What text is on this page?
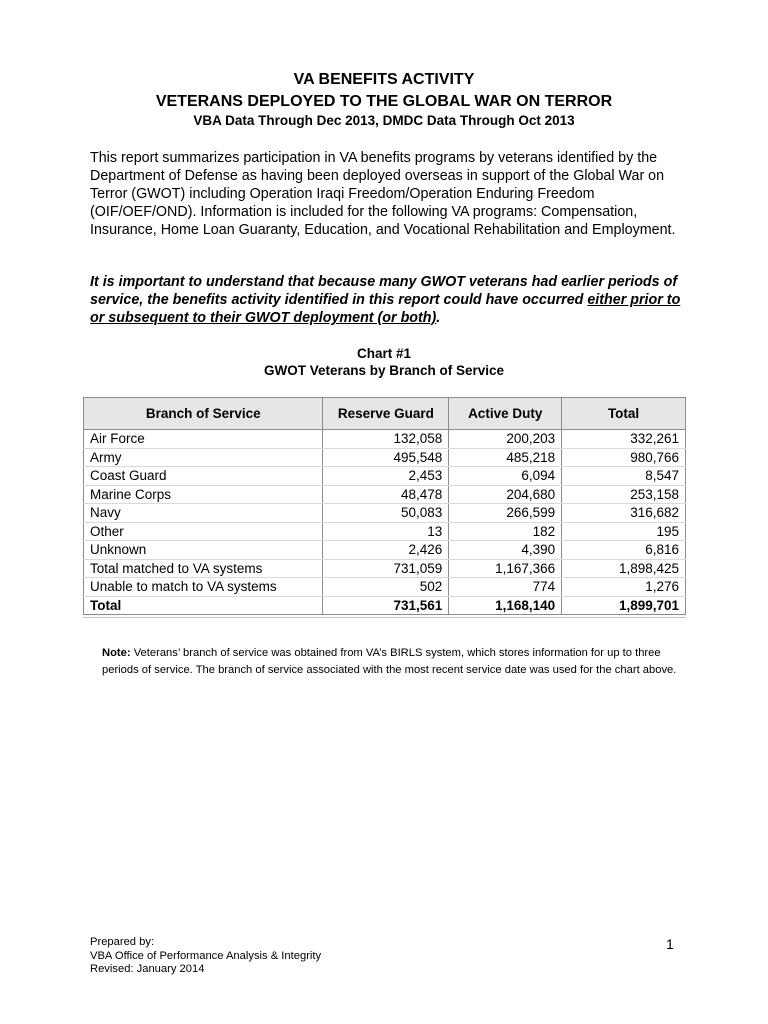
VA BENEFITS ACTIVITY
VETERANS DEPLOYED TO THE GLOBAL WAR ON TERROR
VBA Data Through Dec 2013, DMDC Data Through Oct 2013

This report summarizes participation in VA benefits programs by veterans identified by the Department of Defense as having been deployed overseas in support of the Global War on Terror (GWOT) including Operation Iraqi Freedom/Operation Enduring Freedom (OIF/OEF/OND). Information is included for the following VA programs: Compensation, Insurance, Home Loan Guaranty, Education, and Vocational Rehabilitation and Employment.

It is important to understand that because many GWOT veterans had earlier periods of service, the benefits activity identified in this report could have occurred either prior to or subsequent to their GWOT deployment (or both).

Chart #1
GWOT Veterans by Branch of Service
Branch of Service	Reserve Guard	Active Duty	Total
Air Force	132,058	200,203	332,261
Army	495,548	485,218	980,766
Coast Guard	2,453	6,094	8,547
Marine Corps	48,478	204,680	253,158
Navy	50,083	266,599	316,682
Other	13	182	195
Unknown	2,426	4,390	6,816
Total matched to VA systems	731,059	1,167,366	1,898,425
Unable to match to VA systems	502	774	1,276
Total	731,561	1,168,140	1,899,701

Note: Veterans’ branch of service was obtained from VA’s BIRLS system, which stores information for up to three periods of service. The branch of service associated with the most recent service date was used for the chart above.

Prepared by:
VBA Office of Performance Analysis & Integrity
Revised: January 2014
1
